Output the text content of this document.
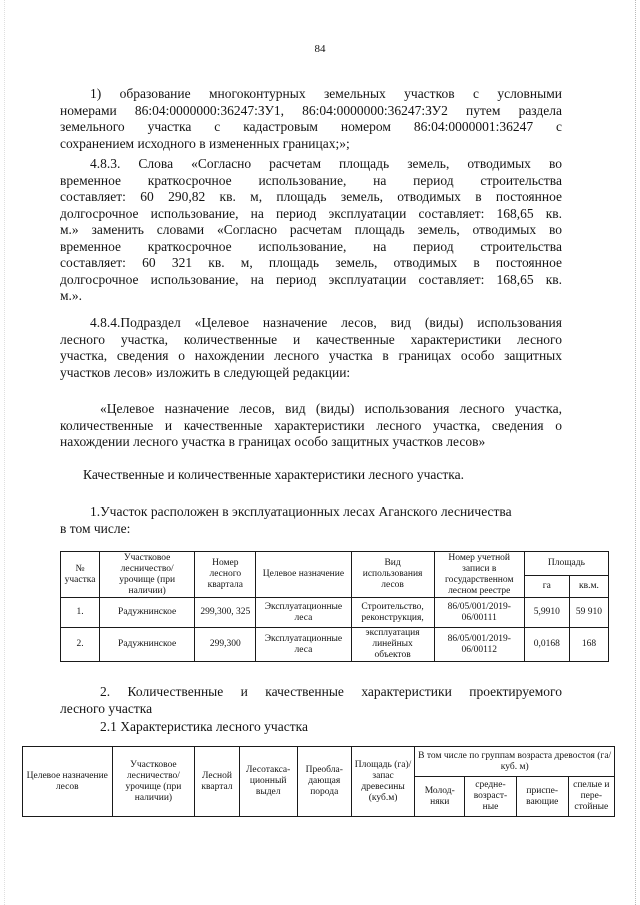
84
1) образование многоконтурных земельных участков с условными
номерами 86:04:0000000:36247:ЗУ1, 86:04:0000000:36247:ЗУ2 путем раздела
земельного участка с кадастровым номером 86:04:0000001:36247 с
сохранением исходного в измененных границах;»;
4.8.3. Слова «Согласно расчетам площадь земель, отводимых во
временное краткосрочное использование, на период строительства
составляет: 60 290,82 кв. м, площадь земель, отводимых в постоянное
долгосрочное использование, на период эксплуатации составляет: 168,65 кв.
м.» заменить словами «Согласно расчетам площадь земель, отводимых во
временное краткосрочное использование, на период строительства
составляет: 60 321 кв. м, площадь земель, отводимых в постоянное
долгосрочное использование, на период эксплуатации составляет: 168,65 кв.
м.».
4.8.4.Подраздел «Целевое назначение лесов, вид (виды) использования
лесного участка, количественные и качественные характеристики лесного
участка, сведения о нахождении лесного участка в границах особо защитных
участков лесов» изложить в следующей редакции:
«Целевое назначение лесов, вид (виды) использования лесного участка,
количественные и качественные характеристики лесного участка, сведения о
нахождении лесного участка в границах особо защитных участков лесов»
Качественные и количественные характеристики лесного участка.
1.Участок расположен в эксплуатационных лесах Аганского лесничества
в том числе:
№ участка	Участковое лесничество/ урочище (при наличии)	Номер лесного квартала	Целевое назначение	Вид использования лесов	Номер учетной записи в государственном лесном реестре	Площадь	
						га	кв.м.
1.	Радужнинское	299,300, 325	Эксплуатационные леса	Строительство, реконструкция,	86/05/001/2019-06/00111	5,9910	59 910
2.	Радужнинское	299,300	Эксплуатационные леса	эксплуатация линейных объектов	86/05/001/2019-06/00112	0,0168	168
2. Количественные и качественные характеристики проектируемого
лесного участка
2.1 Характеристика лесного участка
Целевое назначение лесов	Участковое лесничество/ урочище (при наличии)	Лесной квартал	Лесотакса-ционный выдел	Преобла-дающая порода	Площадь (га)/ запас древесины (куб.м)	В том числе по группам возраста древостоя (га/куб. м)			
						Молод-няки	средне-возраст-ные	приспе-вающие	спелые и пере-стойные
